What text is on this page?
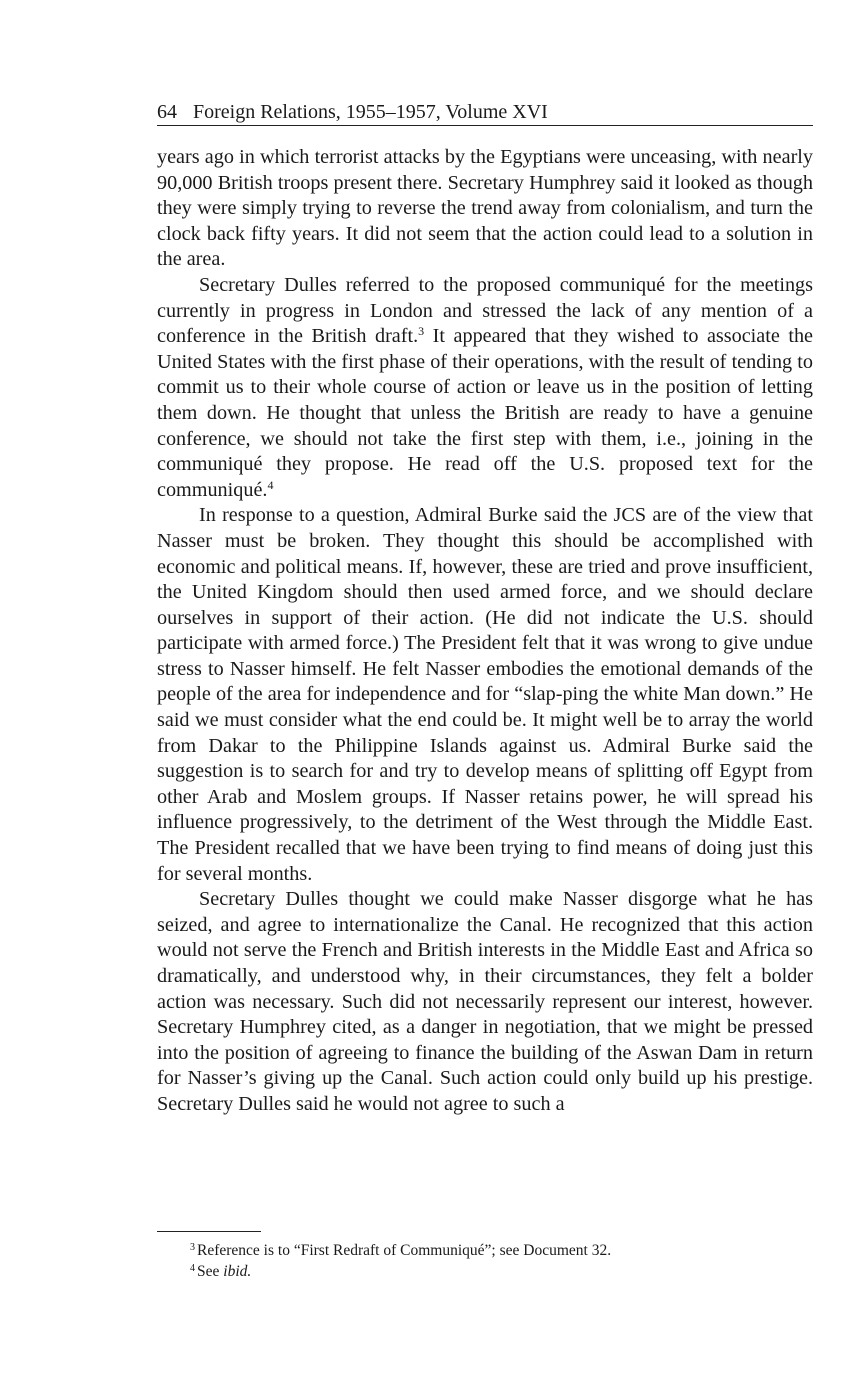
64 Foreign Relations, 1955–1957, Volume XVI

years ago in which terrorist attacks by the Egyptians were unceasing, with nearly 90,000 British troops present there. Secretary Humphrey said it looked as though they were simply trying to reverse the trend away from colonialism, and turn the clock back fifty years. It did not seem that the action could lead to a solution in the area.

Secretary Dulles referred to the proposed communiqué for the meetings currently in progress in London and stressed the lack of any mention of a conference in the British draft.$^3$ It appeared that they wished to associate the United States with the first phase of their operations, with the result of tending to commit us to their whole course of action or leave us in the position of letting them down. He thought that unless the British are ready to have a genuine conference, we should not take the first step with them, i.e., joining in the communiqué they propose. He read off the U.S. proposed text for the communiqué.$^4$

In response to a question, Admiral Burke said the JCS are of the view that Nasser must be broken. They thought this should be accomplished with economic and political means. If, however, these are tried and prove insufficient, the United Kingdom should then used armed force, and we should declare ourselves in support of their action. (He did not indicate the U.S. should participate with armed force.) The President felt that it was wrong to give undue stress to Nasser himself. He felt Nasser embodies the emotional demands of the people of the area for independence and for “slap-ping the white Man down.” He said we must consider what the end could be. It might well be to array the world from Dakar to the Philippine Islands against us. Admiral Burke said the suggestion is to search for and try to develop means of splitting off Egypt from other Arab and Moslem groups. If Nasser retains power, he will spread his influence progressively, to the detriment of the West through the Middle East. The President recalled that we have been trying to find means of doing just this for several months.

Secretary Dulles thought we could make Nasser disgorge what he has seized, and agree to internationalize the Canal. He recognized that this action would not serve the French and British interests in the Middle East and Africa so dramatically, and understood why, in their circumstances, they felt a bolder action was necessary. Such did not necessarily represent our interest, however. Secretary Humphrey cited, as a danger in negotiation, that we might be pressed into the position of agreeing to finance the building of the Aswan Dam in return for Nasser’s giving up the Canal. Such action could only build up his prestige. Secretary Dulles said he would not agree to such a

$^3$ Reference is to “First Redraft of Communiqué”; see Document 32.

$^4$ See ibid.
